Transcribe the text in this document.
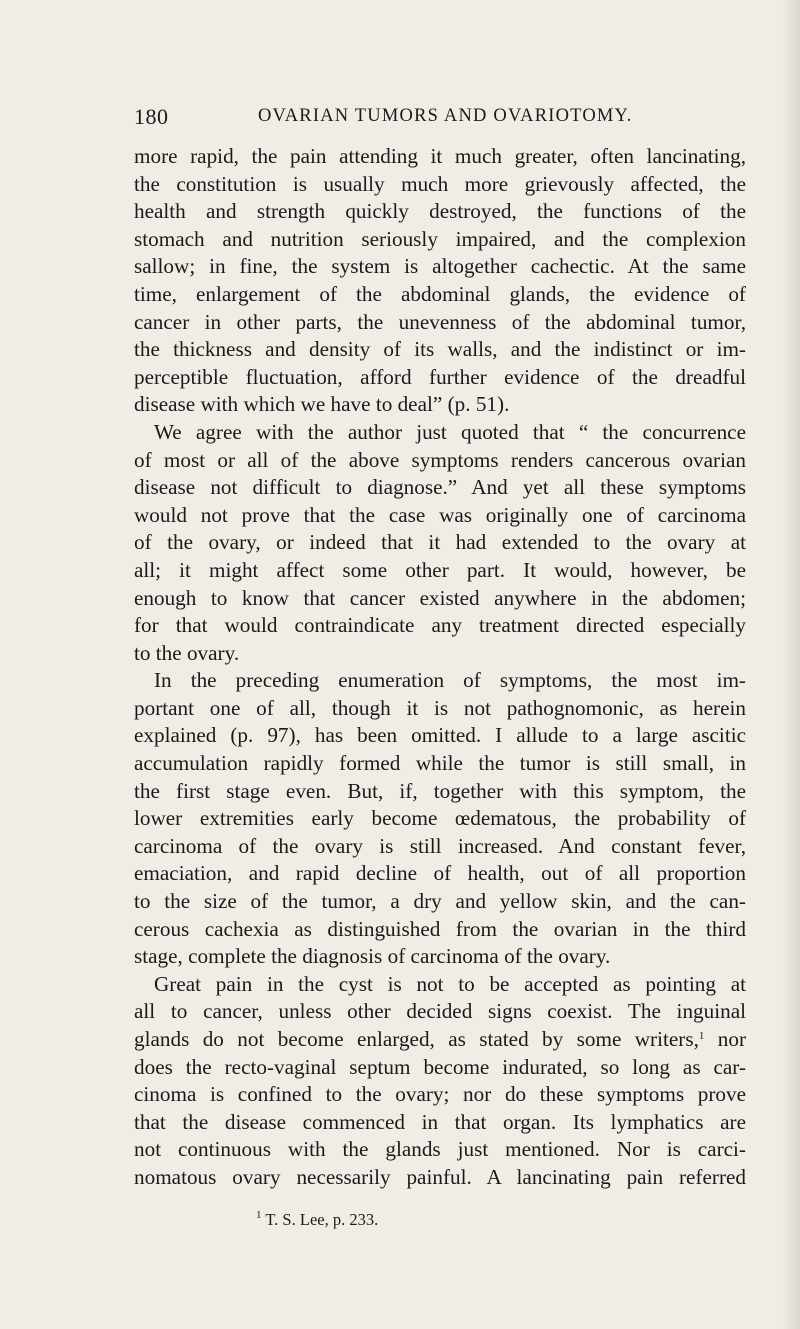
180	OVARIAN TUMORS AND OVARIOTOMY.
more rapid, the pain attending it much greater, often lancinating,
the constitution is usually much more grievously affected, the
health and strength quickly destroyed, the functions of the
stomach and nutrition seriously impaired, and the complexion
sallow; in fine, the system is altogether cachectic. At the same
time, enlargement of the abdominal glands, the evidence of
cancer in other parts, the unevenness of the abdominal tumor,
the thickness and density of its walls, and the indistinct or im-
perceptible fluctuation, afford further evidence of the dreadful
disease with which we have to deal” (p. 51).
We agree with the author just quoted that “ the concurrence
of most or all of the above symptoms renders cancerous ovarian
disease not difficult to diagnose.” And yet all these symptoms
would not prove that the case was originally one of carcinoma
of the ovary, or indeed that it had extended to the ovary at
all; it might affect some other part. It would, however, be
enough to know that cancer existed anywhere in the abdomen;
for that would contraindicate any treatment directed especially
to the ovary.
In the preceding enumeration of symptoms, the most im-
portant one of all, though it is not pathognomonic, as herein
explained (p. 97), has been omitted. I allude to a large ascitic
accumulation rapidly formed while the tumor is still small, in
the first stage even. But, if, together with this symptom, the
lower extremities early become œdematous, the probability of
carcinoma of the ovary is still increased. And constant fever,
emaciation, and rapid decline of health, out of all proportion
to the size of the tumor, a dry and yellow skin, and the can-
cerous cachexia as distinguished from the ovarian in the third
stage, complete the diagnosis of carcinoma of the ovary.
Great pain in the cyst is not to be accepted as pointing at
all to cancer, unless other decided signs coexist. The inguinal
glands do not become enlarged, as stated by some writers,$^1$ nor
does the recto-vaginal septum become indurated, so long as car-
cinoma is confined to the ovary; nor do these symptoms prove
that the disease commenced in that organ. Its lymphatics are
not continuous with the glands just mentioned. Nor is carci-
nomatous ovary necessarily painful. A lancinating pain referred
$^1$ T. S. Lee, p. 233.
